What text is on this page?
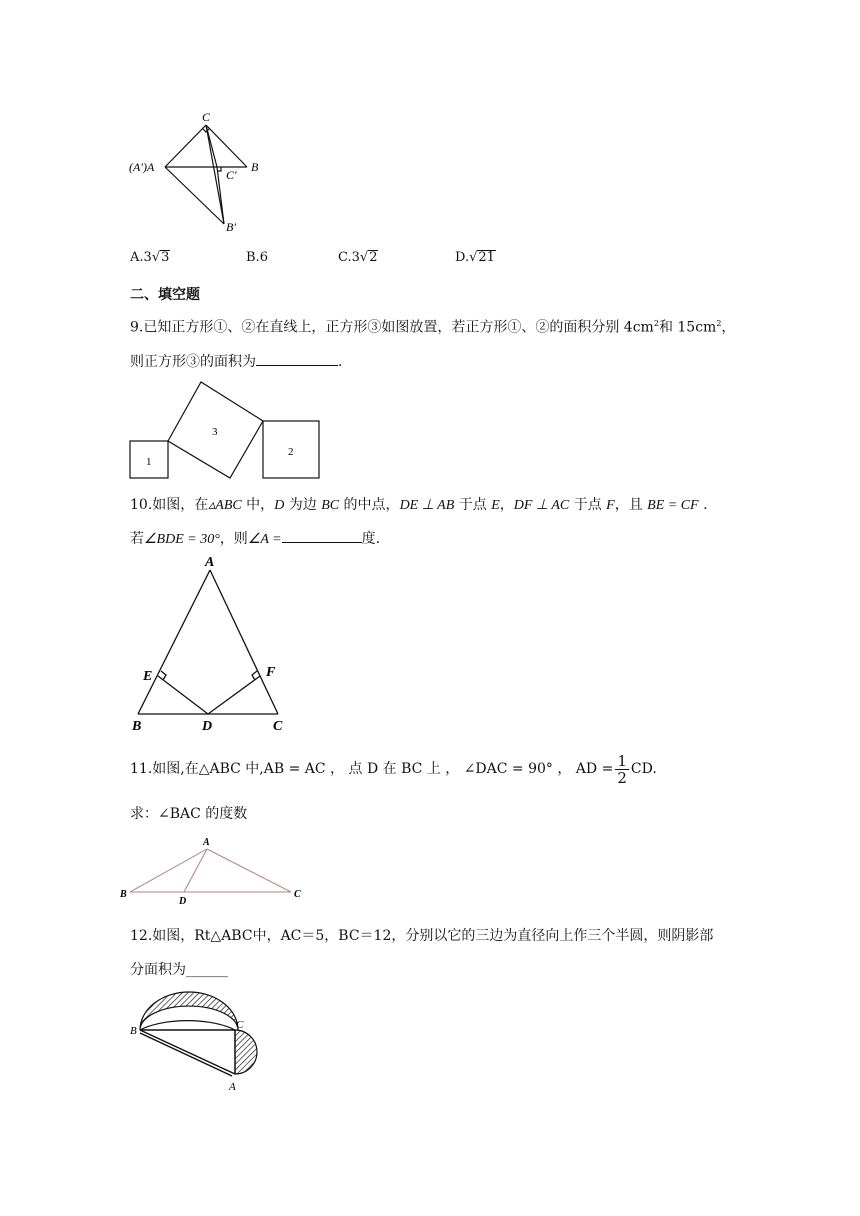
C
(A′)A	B
C′
B′
A.3√3	B.6	C.3√2	D.√21
二、填空题
9.已知正方形①、②在直线上，正方形③如图放置，若正方形①、②的面积分别 $4cm^2$和 $15cm^2$，
则正方形③的面积为	.
1
3
2
10.如图，在▵ABC 中，D 为边 BC 的中点，DE ⊥ AB 于点 E，DF ⊥ AC 于点 F，且 BE = CF .
若∠BDE = 30°，则∠A =	度.
A
E	F
B	D	C
11.如图,在△ABC 中,AB = AC ， 点 D 在 BC 上 ， ∠DAC = 90° ， AD = $\frac{1}{2}$ CD.
求：∠BAC 的度数
A
B
D
C
12.如图，Rt△ABC中，AC＝5，BC＝12，分别以它的三边为直径向上作三个半圆，则阴影部
分面积为______
B	C
A
